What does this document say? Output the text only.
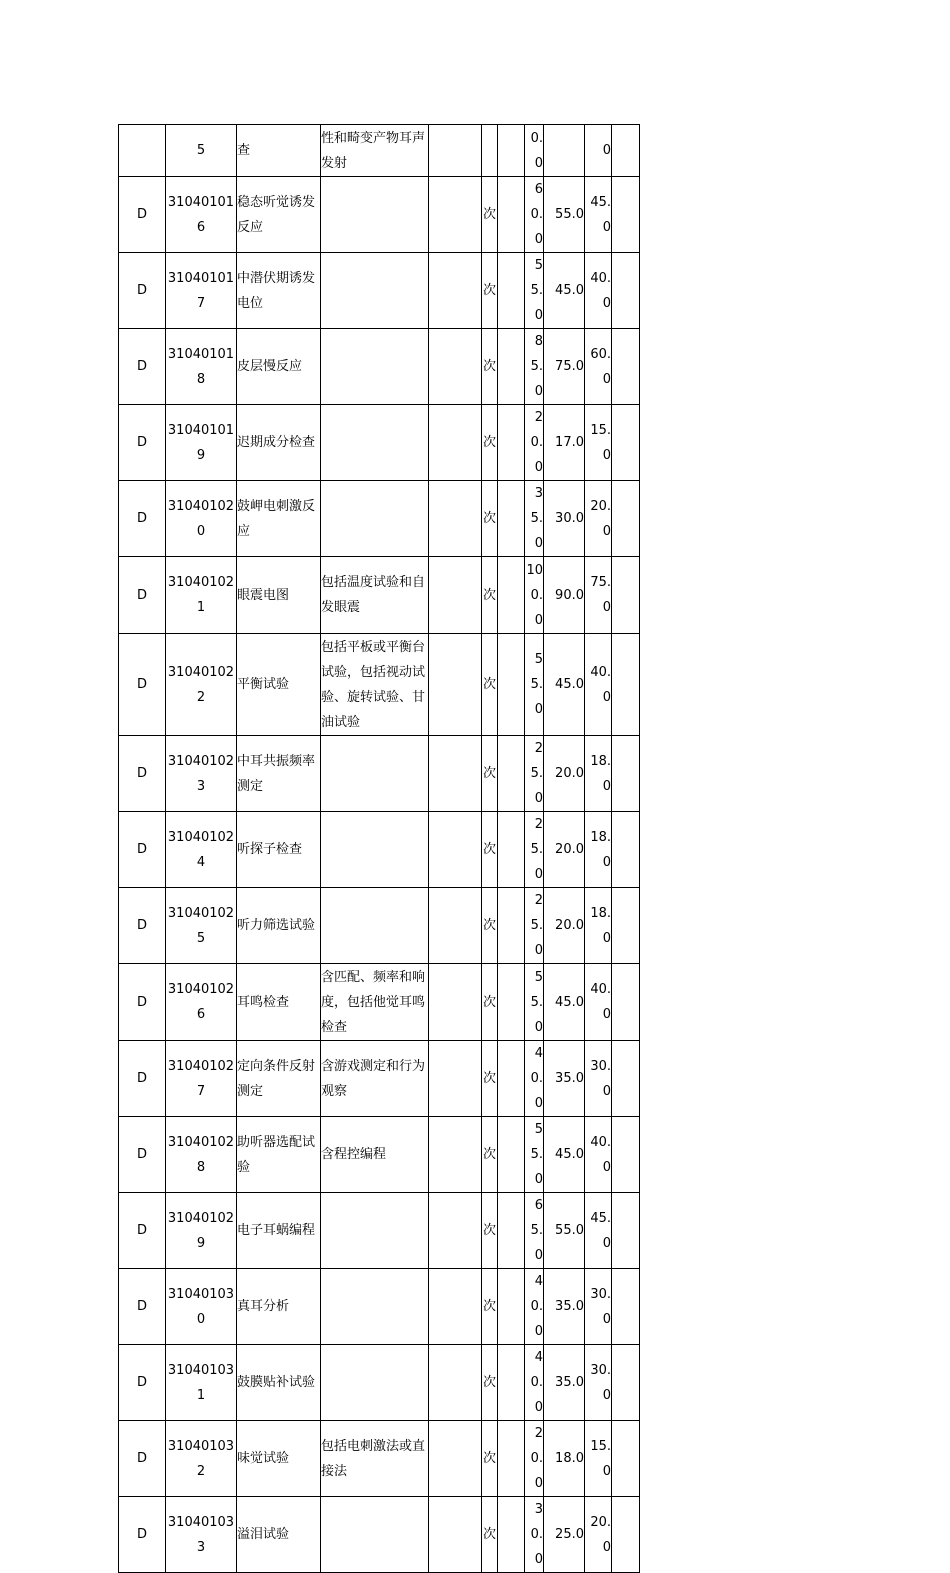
	5	查	性和畸变产物耳声发射				0.0		0	
D	310401016	稳态听觉诱发反应			次		60.0	55.0	45.0	
D	310401017	中潜伏期诱发电位			次		55.0	45.0	40.0	
D	310401018	皮层慢反应			次		85.0	75.0	60.0	
D	310401019	迟期成分检查			次		20.0	17.0	15.0	
D	310401020	鼓岬电刺激反应			次		35.0	30.0	20.0	
D	310401021	眼震电图	包括温度试验和自发眼震		次		100.0	90.0	75.0	
D	310401022	平衡试验	包括平板或平衡台试验，包括视动试验、旋转试验、甘油试验		次		55.0	45.0	40.0	
D	310401023	中耳共振频率测定			次		25.0	20.0	18.0	
D	310401024	听探子检查			次		25.0	20.0	18.0	
D	310401025	听力筛选试验			次		25.0	20.0	18.0	
D	310401026	耳鸣检查	含匹配、频率和响度，包括他觉耳鸣检查		次		55.0	45.0	40.0	
D	310401027	定向条件反射测定	含游戏测定和行为观察		次		40.0	35.0	30.0	
D	310401028	助听器选配试验	含程控编程		次		55.0	45.0	40.0	
D	310401029	电子耳蜗编程			次		65.0	55.0	45.0	
D	310401030	真耳分析			次		40.0	35.0	30.0	
D	310401031	鼓膜贴补试验			次		40.0	35.0	30.0	
D	310401032	味觉试验	包括电刺激法或直接法		次		20.0	18.0	15.0	
D	310401033	溢泪试验			次		30.0	25.0	20.0	
